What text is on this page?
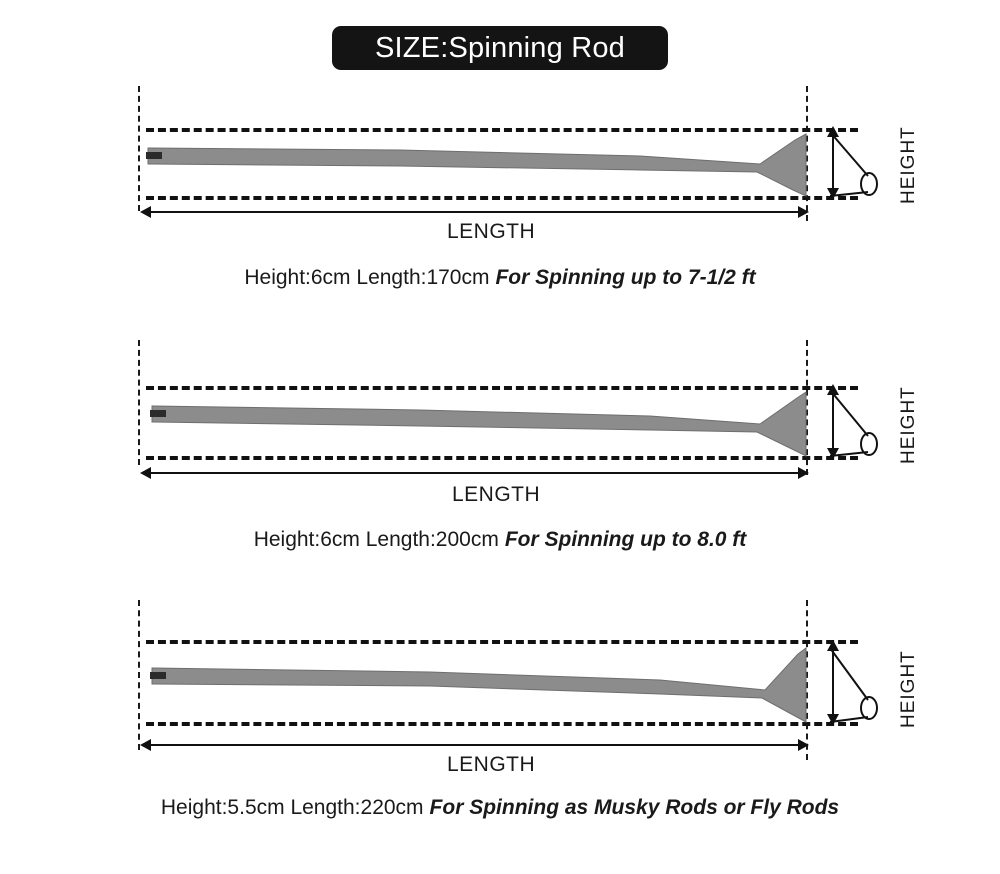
SIZE:Spinning Rod
HEIGHT
LENGTH
Height:6cm Length:170cm For Spinning up to 7-1/2 ft
HEIGHT
LENGTH
Height:6cm Length:200cm For Spinning up to 8.0 ft
HEIGHT
LENGTH
Height:5.5cm Length:220cm For Spinning as Musky Rods or Fly Rods
